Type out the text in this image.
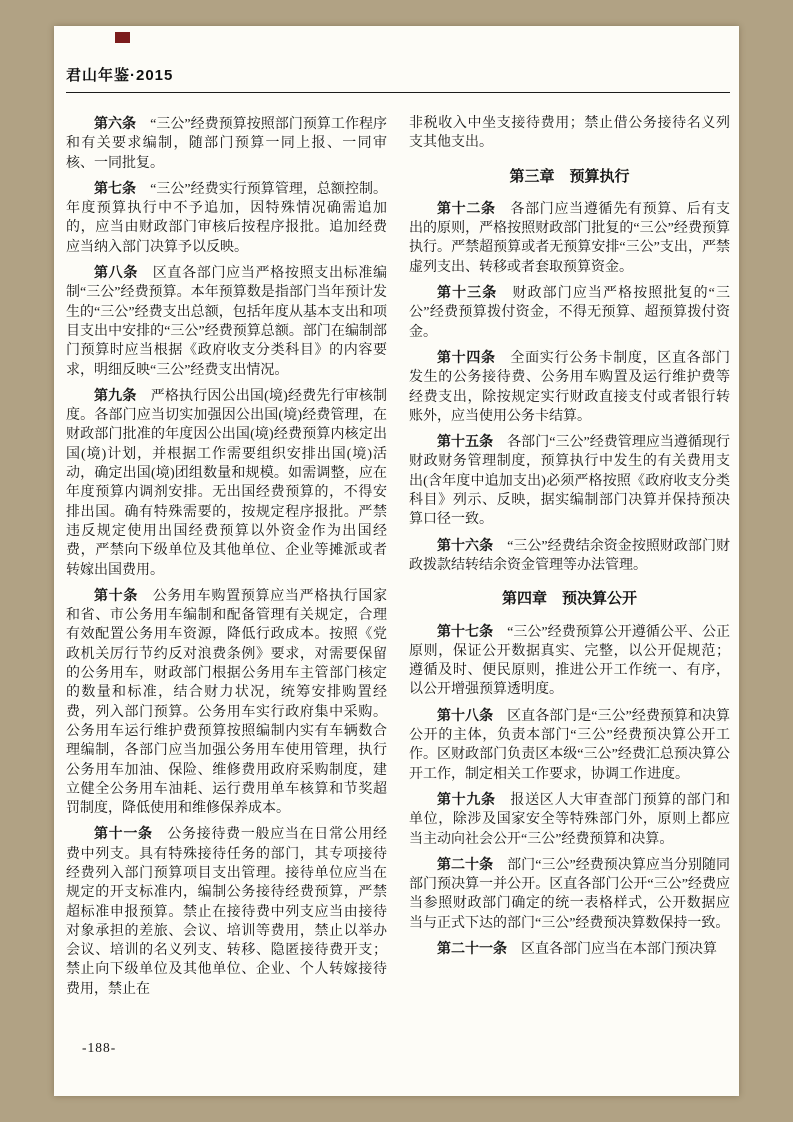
君山年鉴·2015

第六条　“三公”经费预算按照部门预算工作程序和有关要求编制，随部门预算一同上报、一同审核、一同批复。

第七条　“三公”经费实行预算管理，总额控制。年度预算执行中不予追加，因特殊情况确需追加的，应当由财政部门审核后按程序报批。追加经费应当纳入部门决算予以反映。

第八条　区直各部门应当严格按照支出标准编制“三公”经费预算。本年预算数是指部门当年预计发生的“三公”经费支出总额，包括年度从基本支出和项目支出中安排的“三公”经费预算总额。部门在编制部门预算时应当根据《政府收支分类科目》的内容要求，明细反映“三公”经费支出情况。

第九条　严格执行因公出国(境)经费先行审核制度。各部门应当切实加强因公出国(境)经费管理，在财政部门批准的年度因公出国(境)经费预算内核定出国(境)计划，并根据工作需要组织安排出国(境)活动，确定出国(境)团组数量和规模。如需调整，应在年度预算内调剂安排。无出国经费预算的，不得安排出国。确有特殊需要的，按规定程序报批。严禁违反规定使用出国经费预算以外资金作为出国经费，严禁向下级单位及其他单位、企业等摊派或者转嫁出国费用。

第十条　公务用车购置预算应当严格执行国家和省、市公务用车编制和配备管理有关规定，合理有效配置公务用车资源，降低行政成本。按照《党政机关厉行节约反对浪费条例》要求，对需要保留的公务用车，财政部门根据公务用车主管部门核定的数量和标准，结合财力状况，统筹安排购置经费，列入部门预算。公务用车实行政府集中采购。公务用车运行维护费预算按照编制内实有车辆数合理编制，各部门应当加强公务用车使用管理，执行公务用车加油、保险、维修费用政府采购制度，建立健全公务用车油耗、运行费用单车核算和节奖超罚制度，降低使用和维修保养成本。

第十一条　公务接待费一般应当在日常公用经费中列支。具有特殊接待任务的部门，其专项接待经费列入部门预算项目支出管理。接待单位应当在规定的开支标准内，编制公务接待经费预算，严禁超标准申报预算。禁止在接待费中列支应当由接待对象承担的差旅、会议、培训等费用，禁止以举办会议、培训的名义列支、转移、隐匿接待费开支；禁止向下级单位及其他单位、企业、个人转嫁接待费用，禁止在

非税收入中坐支接待费用；禁止借公务接待名义列支其他支出。

第三章　预算执行

第十二条　各部门应当遵循先有预算、后有支出的原则，严格按照财政部门批复的“三公”经费预算执行。严禁超预算或者无预算安排“三公”支出，严禁虚列支出、转移或者套取预算资金。

第十三条　财政部门应当严格按照批复的“三公”经费预算拨付资金，不得无预算、超预算拨付资金。

第十四条　全面实行公务卡制度，区直各部门发生的公务接待费、公务用车购置及运行维护费等经费支出，除按规定实行财政直接支付或者银行转账外，应当使用公务卡结算。

第十五条　各部门“三公”经费管理应当遵循现行财政财务管理制度，预算执行中发生的有关费用支出(含年度中追加支出)必须严格按照《政府收支分类科目》列示、反映，据实编制部门决算并保持预决算口径一致。

第十六条　“三公”经费结余资金按照财政部门财政拨款结转结余资金管理等办法管理。

第四章　预决算公开

第十七条　“三公”经费预算公开遵循公平、公正原则，保证公开数据真实、完整，以公开促规范；遵循及时、便民原则，推进公开工作统一、有序，以公开增强预算透明度。

第十八条　区直各部门是“三公”经费预算和决算公开的主体，负责本部门“三公”经费预决算公开工作。区财政部门负责区本级“三公”经费汇总预决算公开工作，制定相关工作要求，协调工作进度。

第十九条　报送区人大审查部门预算的部门和单位，除涉及国家安全等特殊部门外，原则上都应当主动向社会公开“三公”经费预算和决算。

第二十条　部门“三公”经费预决算应当分别随同部门预决算一并公开。区直各部门公开“三公”经费应当参照财政部门确定的统一表格样式，公开数据应当与正式下达的部门“三公”经费预决算数保持一致。

第二十一条　区直各部门应当在本部门预决算

-188-
